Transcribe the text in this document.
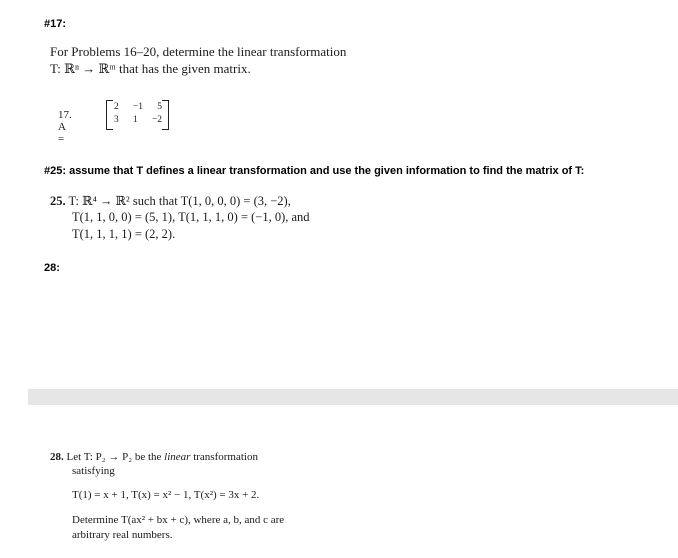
#17:
For Problems 16–20, determine the linear transformation
T: ℝⁿ → ℝᵐ that has the given matrix.
17. A =
2 −1 5
3 1 −2
#25: assume that T defines a linear transformation and use the given information to find the matrix of T:
25. T: ℝ⁴ → ℝ² such that T(1, 0, 0, 0) = (3, −2),
T(1, 1, 0, 0) = (5, 1), T(1, 1, 1, 0) = (−1, 0), and
T(1, 1, 1, 1) = (2, 2).
28:
28. Let T: P₂ → P₂ be the linear transformation
satisfying
T(1) = x + 1, T(x) = x² − 1, T(x²) = 3x + 2.
Determine T(ax² + bx + c), where a, b, and c are
arbitrary real numbers.
